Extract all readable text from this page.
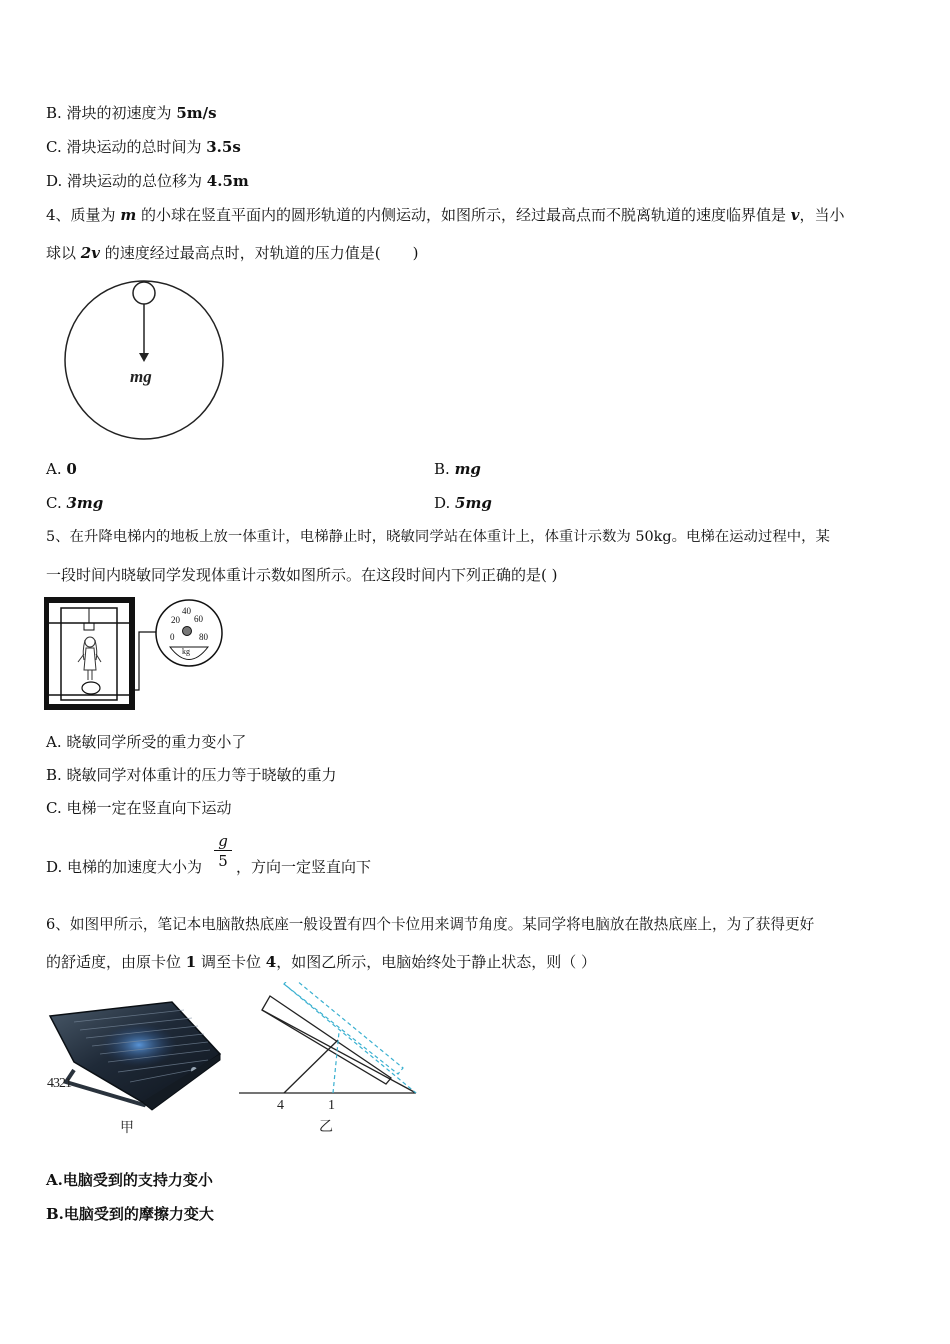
B. 滑块的初速度为 5m/s
C. 滑块运动的总时间为 3.5s
D. 滑块运动的总位移为 4.5m
4、质量为 m 的小球在竖直平面内的圆形轨道的内侧运动，如图所示，经过最高点而不脱离轨道的速度临界值是 v，当小
球以 2v 的速度经过最高点时，对轨道的压力值是( )
mg
A. 0	B. mg
C. 3mg	D. 5mg
5、在升降电梯内的地板上放一体重计，电梯静止时，晓敏同学站在体重计上，体重计示数为 50kg。电梯在运动过程中，某
一段时间内晓敏同学发现体重计示数如图所示。在这段时间内下列正确的是( )
0
20
40
60
80
kg
A. 晓敏同学所受的重力变小了
B. 晓敏同学对体重计的压力等于晓敏的重力
C. 电梯一定在竖直向下运动
D. 电梯的加速度大小为 $\frac{g}{5}$ ，方向一定竖直向下
6、如图甲所示，笔记本电脑散热底座一般设置有四个卡位用来调节角度。某同学将电脑放在散热底座上，为了获得更好
的舒适度，由原卡位 1 调至卡位 4，如图乙所示，电脑始终处于静止状态，则（ ）
4321
甲
4	1
乙
A.电脑受到的支持力变小
B.电脑受到的摩擦力变大
